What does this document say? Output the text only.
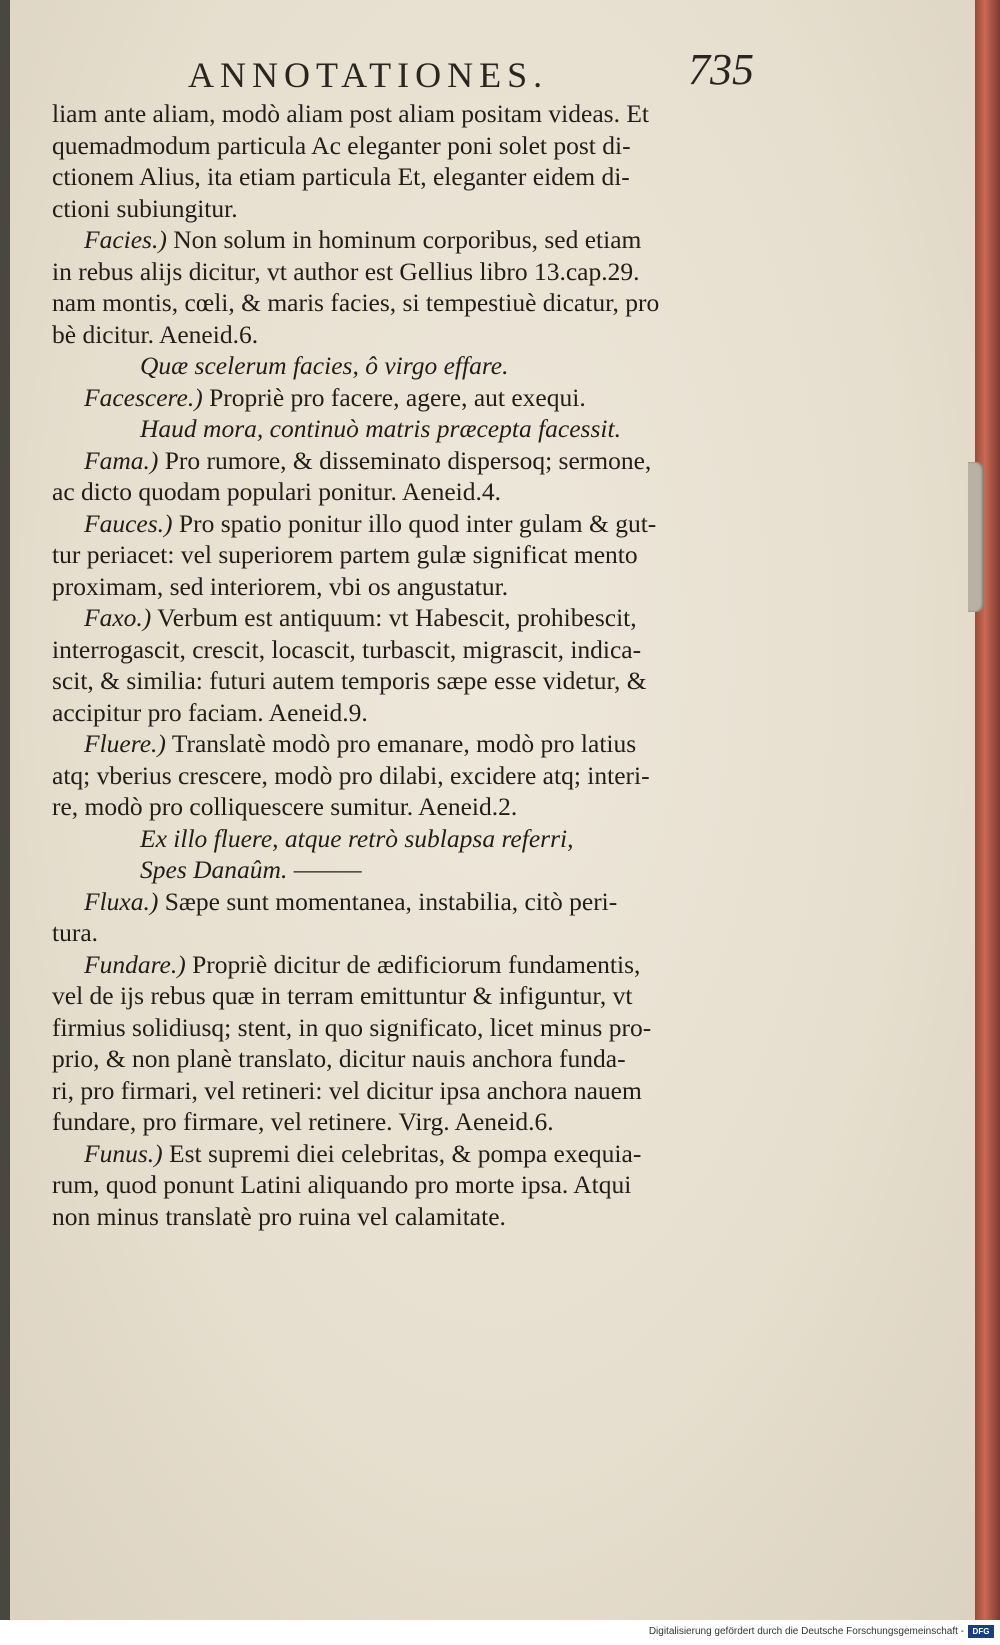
ANNOTATIONES.	735
liam ante aliam, modò aliam post aliam positam videas. Et
quemadmodum particula Ac eleganter poni solet post di-
ctionem Alius, ita etiam particula Et, eleganter eidem di-
ctioni subiungitur.
Facies.) Non solum in hominum corporibus, sed etiam
in rebus alijs dicitur, vt author est Gellius libro 13.cap.29.
nam montis, cœli, & maris facies, si tempestiuè dicatur, pro
bè dicitur. Aeneid.6.
Quæ scelerum facies, ô virgo effare.
Facescere.) Propriè pro facere, agere, aut exequi.
Haud mora, continuò matris præcepta facessit.
Fama.) Pro rumore, & disseminato dispersoq; sermone,
ac dicto quodam populari ponitur. Aeneid.4.
Fauces.) Pro spatio ponitur illo quod inter gulam & gut-
tur periacet: vel superiorem partem gulæ significat mento
proximam, sed interiorem, vbi os angustatur.
Faxo.) Verbum est antiquum: vt Habescit, prohibescit,
interrogascit, crescit, locascit, turbascit, migrascit, indica-
scit, & similia: futuri autem temporis sæpe esse videtur, &
accipitur pro faciam. Aeneid.9.
Fluere.) Translatè modò pro emanare, modò pro latius
atq; vberius crescere, modò pro dilabi, excidere atq; interi-
re, modò pro colliquescere sumitur. Aeneid.2.
Ex illo fluere, atque retrò sublapsa referri,
Spes Danaûm. ———
Fluxa.) Sæpe sunt momentanea, instabilia, citò peri-
tura.
Fundare.) Propriè dicitur de ædificiorum fundamentis,
vel de ijs rebus quæ in terram emittuntur & infiguntur, vt
firmius solidiusq; stent, in quo significato, licet minus pro-
prio, & non planè translato, dicitur nauis anchora funda-
ri, pro firmari, vel retineri: vel dicitur ipsa anchora nauem
fundare, pro firmare, vel retinere. Virg. Aeneid.6.
Funus.) Est supremi diei celebritas, & pompa exequia-
rum, quod ponunt Latini aliquando pro morte ipsa. Atqui
non minus translatè pro ruina vel calamitate.
Digitalisierung gefördert durch die Deutsche Forschungsgemeinschaft -	DFG
